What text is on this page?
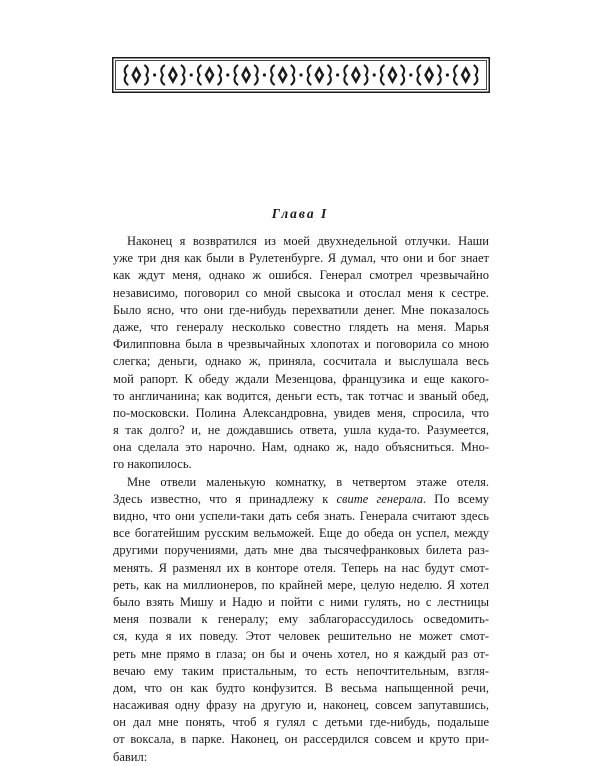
Глава I
Наконец я возвратился из моей двухнедельной отлучки. Наши
уже три дня как были в Рулетенбурге. Я думал, что они и бог знает
как ждут меня, однако ж ошибся. Генерал смотрел чрезвычайно
независимо, поговорил со мной свысока и отослал меня к сестре.
Было ясно, что они где-нибудь перехватили денег. Мне показалось
даже, что генералу несколько совестно глядеть на меня. Марья
Филипповна была в чрезвычайных хлопотах и поговорила со мною
слегка; деньги, однако ж, приняла, сосчитала и выслушала весь
мой рапорт. К обеду ждали Мезенцова, французика и еще какого-
то англичанина; как водится, деньги есть, так тотчас и званый обед,
по-московски. Полина Александровна, увидев меня, спросила, что
я так долго? и, не дождавшись ответа, ушла куда-то. Разумеется,
она сделала это нарочно. Нам, однако ж, надо объясниться. Мно-
го накопилось.
Мне отвели маленькую комнатку, в четвертом этаже отеля.
Здесь известно, что я принадлежу к свите генерала. По всему
видно, что они успели-таки дать себя знать. Генерала считают здесь
все богатейшим русским вельможей. Еще до обеда он успел, между
другими поручениями, дать мне два тысячефранковых билета раз-
менять. Я разменял их в конторе отеля. Теперь на нас будут смот-
реть, как на миллионеров, по крайней мере, целую неделю. Я хотел
было взять Мишу и Надю и пойти с ними гулять, но с лестницы
меня позвали к генералу; ему заблагорассудилось осведомить-
ся, куда я их поведу. Этот человек решительно не может смот-
реть мне прямо в глаза; он бы и очень хотел, но я каждый раз от-
вечаю ему таким пристальным, то есть непочтительным, взгля-
дом, что он как будто конфузится. В весьма напыщенной речи,
насаживая одну фразу на другую и, наконец, совсем запутавшись,
он дал мне понять, чтоб я гулял с детьми где-нибудь, подальше
от воксала, в парке. Наконец, он рассердился совсем и круто при-
бавил:
